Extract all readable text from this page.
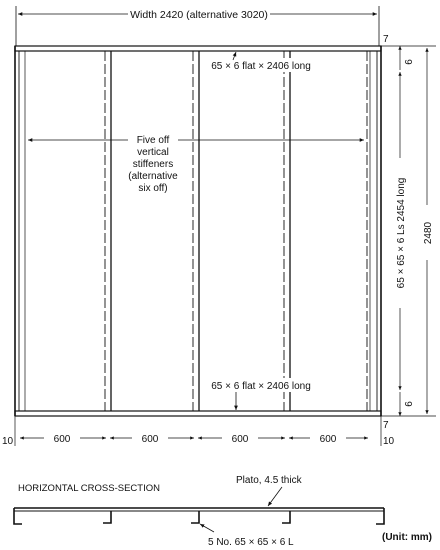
Width 2420 (alternative 3020)
Five off
vertical
stiffeners
(alternative
six off)
65 × 6 flat × 2406 long
65 × 6 flat × 2406 long
7
7
6
6
65 × 65 × 6 Ls 2454 long 2480
10	10
600	600	600	600
HORIZONTAL CROSS-SECTION
Plato, 4.5 thick
5 No. 65 × 65 × 6 L	(Unit: mm)
